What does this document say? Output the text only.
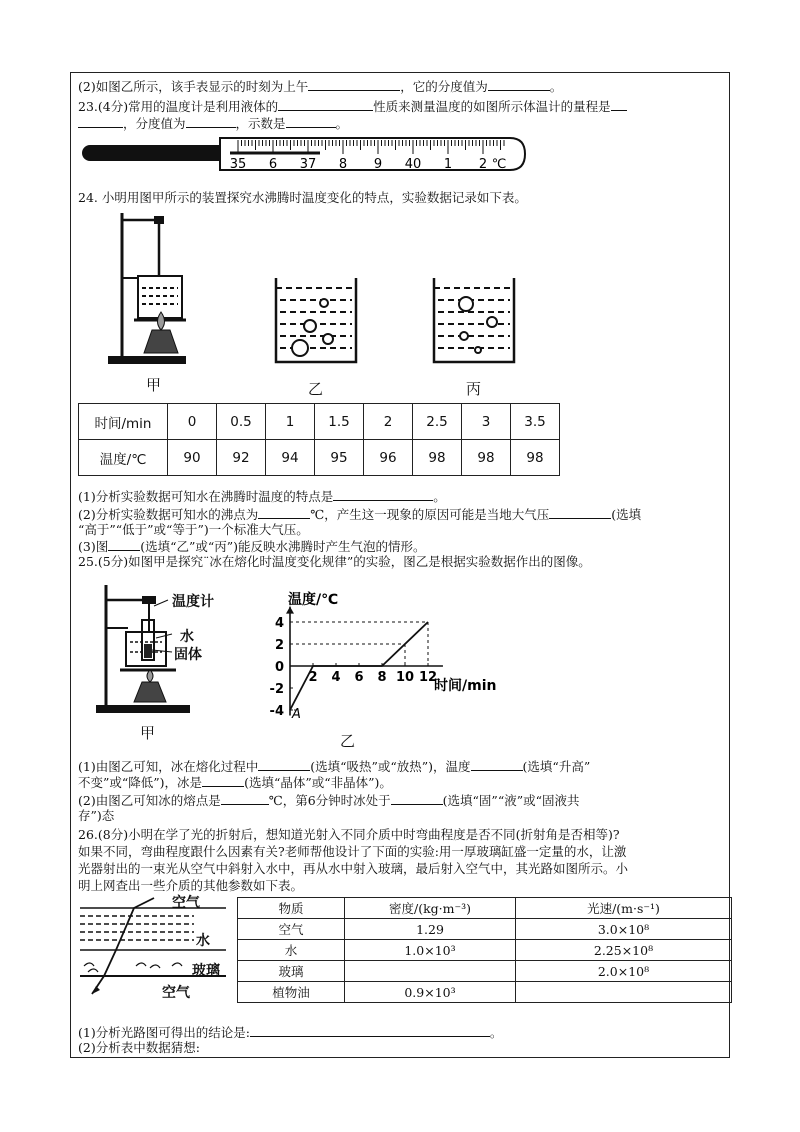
(2)如图乙所示，该手表显示的时刻为上午	，它的分度值为	。
23.(4分)常用的温度计是利用液体的	性质来测量温度的如图所示体温计的量程是
，分度值为	，示数是	。
35 6 37 8 9 40 1 2 ℃
24. 小明用图甲所示的装置探究水沸腾时温度变化的特点，实验数据记录如下表。
甲	乙	丙
时间/min	0	0.5	1	1.5	2	2.5	3	3.5
温度/℃	90	92	94	95	96	98	98	98
(1)分析实验数据可知水在沸腾时温度的特点是	。
(2)分析实验数据可知水的沸点为	℃，产生这一现象的原因可能是当地大气压	(选填
“高于”“低于”或“等于”)一个标准大气压。
(3)图	(选填“乙”或“丙”)能反映水沸腾时产生气泡的情形。
25.(5分)如图甲是探究¨冰在熔化时温度变化规律”的实验，图乙是根据实验数据作出的图像。
温度计
水
固体
甲
2 4 6 8 10 12
4
2
0
-2
-4
温度/℃
时间/min
A
乙
(1)由图乙可知，冰在熔化过程中	(选填“吸热”或“放热”)，温度	(选填“升高”
不变”或“降低”)，冰是	(选填“晶体”或“非晶体”)。
(2)由图乙可知冰的熔点是	℃，第6分钟时冰处于	(选填“固”“液”或“固液共
存”)态
26.(8分)小明在学了光的折射后，想知道光射入不同介质中时弯曲程度是否不同(折射角是否相等)?
如果不同，弯曲程度跟什么因素有关?老师帮他设计了下面的实验:用一厚玻璃缸盛一定量的水，让激
光器射出的一束光从空气中斜射入水中，再从水中射入玻璃，最后射入空气中，其光路如图所示。小
明上网查出一些介质的其他参数如下表。
空气
水
玻璃
空气
物质	密度/(kg·m⁻³)	光速/(m·s⁻¹)
空气	1.29	3.0×10⁸
水	1.0×10³	2.25×10⁸
玻璃		2.0×10⁸
植物油	0.9×10³	
(1)分析光路图可得出的结论是:	。
(2)分析表中数据猜想:
